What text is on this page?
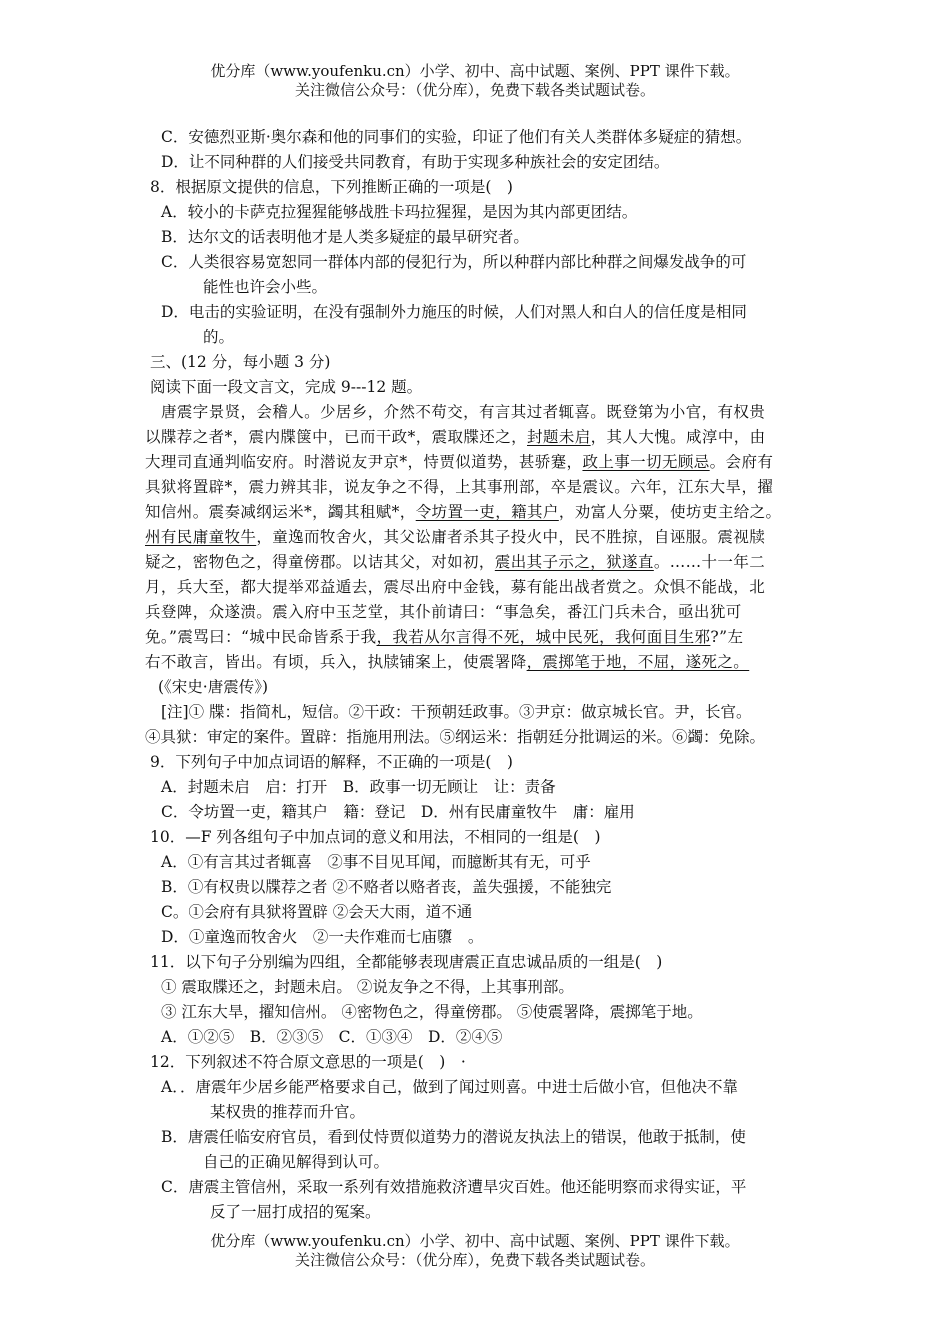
优分库（www.youfenku.cn）小学、初中、高中试题、案例、PPT 课件下载。
关注微信公众号：（优分库），免费下载各类试题试卷。
C．安德烈亚斯·奥尔森和他的同事们的实验，印证了他们有关人类群体多疑症的猜想。
D．让不同种群的人们接受共同教育，有助于实现多种族社会的安定团结。
8．根据原文提供的信息，下列推断正确的一项是(　)
A．较小的卡萨克拉猩猩能够战胜卡玛拉猩猩，是因为其内部更团结。
B．达尔文的话表明他才是人类多疑症的最早研究者。
C．人类很容易宽恕同一群体内部的侵犯行为，所以种群内部比种群之间爆发战争的可
能性也许会小些。
D．电击的实验证明，在没有强制外力施压的时候，人们对黑人和白人的信任度是相同
的。
三、(12 分，每小题 3 分)
阅读下面一段文言文，完成 9---12 题。
唐震字景贤，会稽人。少居乡，介然不苟交，有言其过者辄喜。既登第为小官，有权贵
以牒荐之者*，震内牒箧中，已而干政*，震取牒还之，封题未启，其人大愧。咸淳中，由
大理司直通判临安府。时潜说友尹京*，恃贾似道势，甚骄蹇，政上事一切无顾忌。会府有
具狱将置辟*，震力辨其非，说友争之不得，上其事刑部，卒是震议。六年，江东大旱，擢
知信州。震奏减纲运米*，蠲其租赋*，令坊置一吏，籍其户，劝富人分粟，使坊吏主给之。
州有民庸童牧牛，童逸而牧舍火，其父讼庸者杀其子投火中，民不胜掠，自诬服。震视牍
疑之，密物色之，得童傍郡。以诘其父，对如初，震出其子示之，狱遂直。……十一年二
月，兵大至，都大提举邓益遁去，震尽出府中金钱，募有能出战者赏之。众惧不能战，北
兵登陴，众遂溃。震入府中玉芝堂，其仆前请曰：“事急矣，番江门兵未合，亟出犹可
免。”震骂曰：“城中民命皆系于我，我若从尔言得不死，城中民死，我何面目生邪?”左
右不敢言，皆出。有顷，兵入，执牍铺案上，使震署降，震掷笔于地，不屈，遂死之。
(《宋史·唐震传》)
[注]① 牒：指简札，短信。②干政：干预朝廷政事。③尹京：做京城长官。尹，长官。
④具狱：审定的案件。置辟：指施用刑法。⑤纲运米：指朝廷分批调运的米。⑥蠲：免除。
9．下列句子中加点词语的解释，不正确的一项是(　)
A．封题未启　启：打开　B．政事一切无顾让　让：责备
C．令坊置一吏，籍其户　籍：登记　D．州有民庸童牧牛　庸：雇用
10．—F 列各组句子中加点词的意义和用法，不相同的一组是(　)
A．①有言其过者辄喜　②事不目见耳闻，而臆断其有无，可乎
B．①有权贵以牒荐之者 ②不赂者以赂者丧，盖失强援，不能独完
C。①会府有具狱将置辟 ②会天大雨，道不通
D．①童逸而牧舍火　②一夫作难而七庙隳　。
11．以下句子分别编为四组，全都能够表现唐震正直忠诚品质的一组是(　)
① 震取牒还之，封题未启。 ②说友争之不得，上其事刑部。
③ 江东大旱，擢知信州。 ④密物色之，得童傍郡。 ⑤使震署降，震掷笔于地。
A．①②⑤　B．②③⑤　C．①③④　D．②④⑤
12．下列叙述不符合原文意思的一项是(　)　·
A．．唐震年少居乡能严格要求自己，做到了闻过则喜。中进士后做小官，但他决不靠
某权贵的推荐而升官。
B．唐震任临安府官员，看到仗恃贾似道势力的潜说友执法上的错误，他敢于抵制，使
自己的正确见解得到认可。
C．唐震主管信州，采取一系列有效措施救济遭旱灾百姓。他还能明察而求得实证，平
反了一屈打成招的冤案。
优分库（www.youfenku.cn）小学、初中、高中试题、案例、PPT 课件下载。
关注微信公众号：（优分库），免费下载各类试题试卷。
